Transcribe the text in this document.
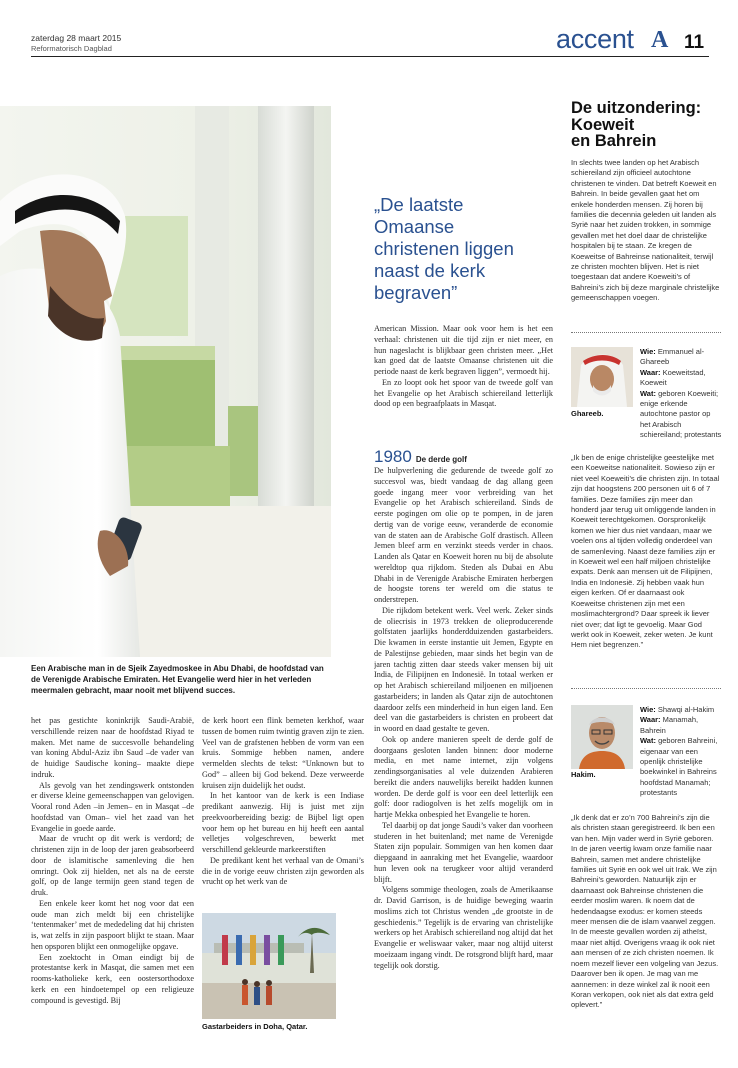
zaterdag 28 maart 2015
Reformatorisch Dagblad	accent A 11
Een Arabische man in de Sjeik Zayedmoskee in Abu Dhabi, de hoofdstad van de Verenigde Arabische Emiraten. Het Evangelie werd hier in het verleden meermalen gebracht, maar nooit met blijvend succes.

het pas gestichte koninkrijk Saudi-Arabië, verschillende reizen naar de hoofdstad Riyad te maken. Met name de succesvolle behandeling van koning Abdul-Aziz ibn Saud –de vader van de huidige Saudische koning– maakte diepe indruk.

Als gevolg van het zendingswerk ontstonden er diverse kleine gemeenschappen van gelovigen. Vooral rond Aden –in Jemen– en in Masqat –de hoofdstad van Oman– viel het zaad van het Evangelie in goede aarde.

Maar de vrucht op dit werk is verdord; de christenen zijn in de loop der jaren geabsorbeerd door de islamitische samenleving die hen omringt. Ook zij hielden, net als na de eerste golf, op de lange termijn geen stand tegen de druk.

Een enkele keer komt het nog voor dat een oude man zich meldt bij een christelijke ‘tentenmaker’ met de mededeling dat hij christen is, wat zelfs in zijn paspoort blijkt te staan. Maar hen opsporen blijkt een onmogelijke opgave.

Een zoektocht in Oman eindigt bij de protestantse kerk in Masqat, die samen met een rooms-katholieke kerk, een oostersorthodoxe kerk en een hindoetempel op een religieuze compound is gevestigd. Bij

de kerk hoort een flink bemeten kerkhof, waar tussen de bomen ruim twintig graven zijn te zien. Veel van de grafstenen hebben de vorm van een kruis. Sommige hebben namen, andere vermelden slechts de tekst: “Unknown but to God” – alleen bij God bekend. Deze verweerde kruisen zijn duidelijk het oudst.

In het kantoor van de kerk is een Indiase predikant aanwezig. Hij is juist met zijn preekvoorbereiding bezig: de Bijbel ligt open voor hem op het bureau en hij heeft een aantal velletjes volgeschreven, bewerkt met verschillend gekleurde markeerstiften

De predikant kent het verhaal van de Omani’s die in de vorige eeuw christen zijn geworden als vrucht op het werk van de

Gastarbeiders in Doha, Qatar.
„De laatste
Omaanse
christenen liggen
naast de kerk
begraven”

American Mission. Maar ook voor hem is het een verhaal: christenen uit die tijd zijn er niet meer, en hun nageslacht is blijkbaar geen christen meer. „Het kan goed dat de laatste Omaanse christenen uit die periode naast de kerk begraven liggen”, vermoedt hij.

En zo loopt ook het spoor van de tweede golf van het Evangelie op het Arabisch schiereiland letterlijk dood op een begraafplaats in Masqat.

1980 De derde golf

De hulpverlening die gedurende de tweede golf zo succesvol was, biedt vandaag de dag allang geen goede ingang meer voor verbreiding van het Evangelie op het Arabisch schiereiland. Sinds de eerste pogingen om olie op te pompen, in de jaren dertig van de vorige eeuw, veranderde de economie van de staten aan de Arabische Golf drastisch. Alleen Jemen bleef arm en verzinkt steeds verder in chaos. Landen als Qatar en Koeweit horen nu bij de absolute wereldtop qua rijkdom. Steden als Dubai en Abu Dhabi in de Verenigde Arabische Emiraten herbergen de hoogste torens ter wereld om die status te onderstrepen.

Die rijkdom betekent werk. Veel werk. Zeker sinds de oliecrisis in 1973 trekken de olieproducerende golfstaten jaarlijks honderdduizenden gastarbeiders. Die kwamen in eerste instantie uit Jemen, Egypte en de Palestijnse gebieden, maar sinds het begin van de jaren tachtig zitten daar steeds vaker mensen bij uit India, de Filipijnen en Indonesië. In totaal werken er op het Arabisch schiereiland miljoenen en miljoenen gastarbeiders; in landen als Qatar zijn de autochtonen daardoor zelfs een minderheid in hun eigen land. Een deel van die gastarbeiders is christen en probeert dat in woord en daad gestalte te geven.

Ook op andere manieren speelt de derde golf de doorgaans gesloten landen binnen: door moderne media, en met name internet, zijn volgens zendingsorganisaties al vele duizenden Arabieren bereikt die anders nauwelijks bereikt hadden kunnen worden. De derde golf is voor een deel letterlijk een golf: door radiogolven is het zelfs mogelijk om in hartje Mekka onbespied het Evangelie te horen.

Tel daarbij op dat jonge Saudi’s vaker dan voorheen studeren in het buitenland; met name de Verenigde Staten zijn populair. Sommigen van hen komen daar diepgaand in aanraking met het Evangelie, waardoor hun leven ook na terugkeer voor altijd veranderd blijft.

Volgens sommige theologen, zoals de Amerikaanse dr. David Garrison, is de huidige beweging waarin moslims zich tot Christus wenden „de grootste in de geschiedenis.” Tegelijk is de ervaring van christelijke werkers op het Arabisch schiereiland nog altijd dat het Evangelie er weliswaar vaker, maar nog altijd uiterst moeizaam ingang vindt. De rotsgrond blijft hard, maar tegelijk ook dorstig.

De uitzondering:
Koeweit
en Bahrein
In slechts twee landen op het Arabisch schiereiland zijn officieel autochtone christenen te vinden. Dat betreft Koeweit en Bahrein. In beide gevallen gaat het om enkele honderden mensen. Zij horen bij families die decennia geleden uit landen als Syrië naar het zuiden trokken, in sommige gevallen met het doel daar de christelijke hospitalen bij te staan. Ze kregen de Koeweitse of Bahreinse nationaliteit, terwijl ze christen mochten blijven. Het is niet toegestaan dat andere Koeweiti’s of Bahreini’s zich bij deze marginale christelijke gemeenschappen voegen.
Ghareeb.

Wie: Emmanuel al-Ghareeb

Waar: Koeweitstad, Koeweit

Wat: geboren Koeweiti; enige erkende autochtone pastor op het Arabisch schiereiland; protestants

„Ik ben de enige christelijke geestelijke met een Koeweitse nationaliteit. Sowieso zijn er niet veel Koeweiti’s die christen zijn. In totaal zijn dat hoogstens 200 personen uit 6 of 7 families. Deze families zijn meer dan honderd jaar terug uit omliggende landen in Koeweit terechtgekomen. Oorspronkelijk komen we hier dus niet vandaan, maar we voelen ons al tijden volledig onderdeel van de samenleving. Naast deze families zijn er in Koeweit wel een half miljoen christelijke expats. Denk aan mensen uit de Filipijnen, India en Indonesië. Zij hebben vaak hun eigen kerken. Of er daarnaast ook Koeweitse christenen zijn met een moslimachtergrond? Daar spreek ik liever niet over; dat ligt te gevoelig. Maar God werkt ook in Koeweit, zeker weten. Je kunt Hem niet begrenzen.”
Hakim.

Wie: Shawqi al-Hakim

Waar: Manamah, Bahrein

Wat: geboren Bahreini, eigenaar van een openlijk christelijke boekwinkel in Bahreins hoofdstad Manamah; protestants

„Ik denk dat er zo’n 700 Bahreini’s zijn die als christen staan geregistreerd. Ik ben een van hen. Mijn vader werd in Syrië geboren. In de jaren veertig kwam onze familie naar Bahrein, samen met andere christelijke families uit Syrië en ook wel uit Irak. We zijn Bahreini’s geworden. Natuurlijk zijn er daarnaast ook Bahreinse christenen die eerder moslim waren. Ik noem dat de hedendaagse exodus: er komen steeds meer mensen die de islam vaarwel zeggen. In de meeste gevallen worden zij atheïst, maar niet altijd. Overigens vraag ik ook niet aan mensen of ze zich christen noemen. Ik noem mezelf liever een volgeling van Jezus. Daarover ben ik open. Je mag van me aannemen: in deze winkel zal ik nooit een Koran verkopen, ook niet als dat extra geld oplevert.”
